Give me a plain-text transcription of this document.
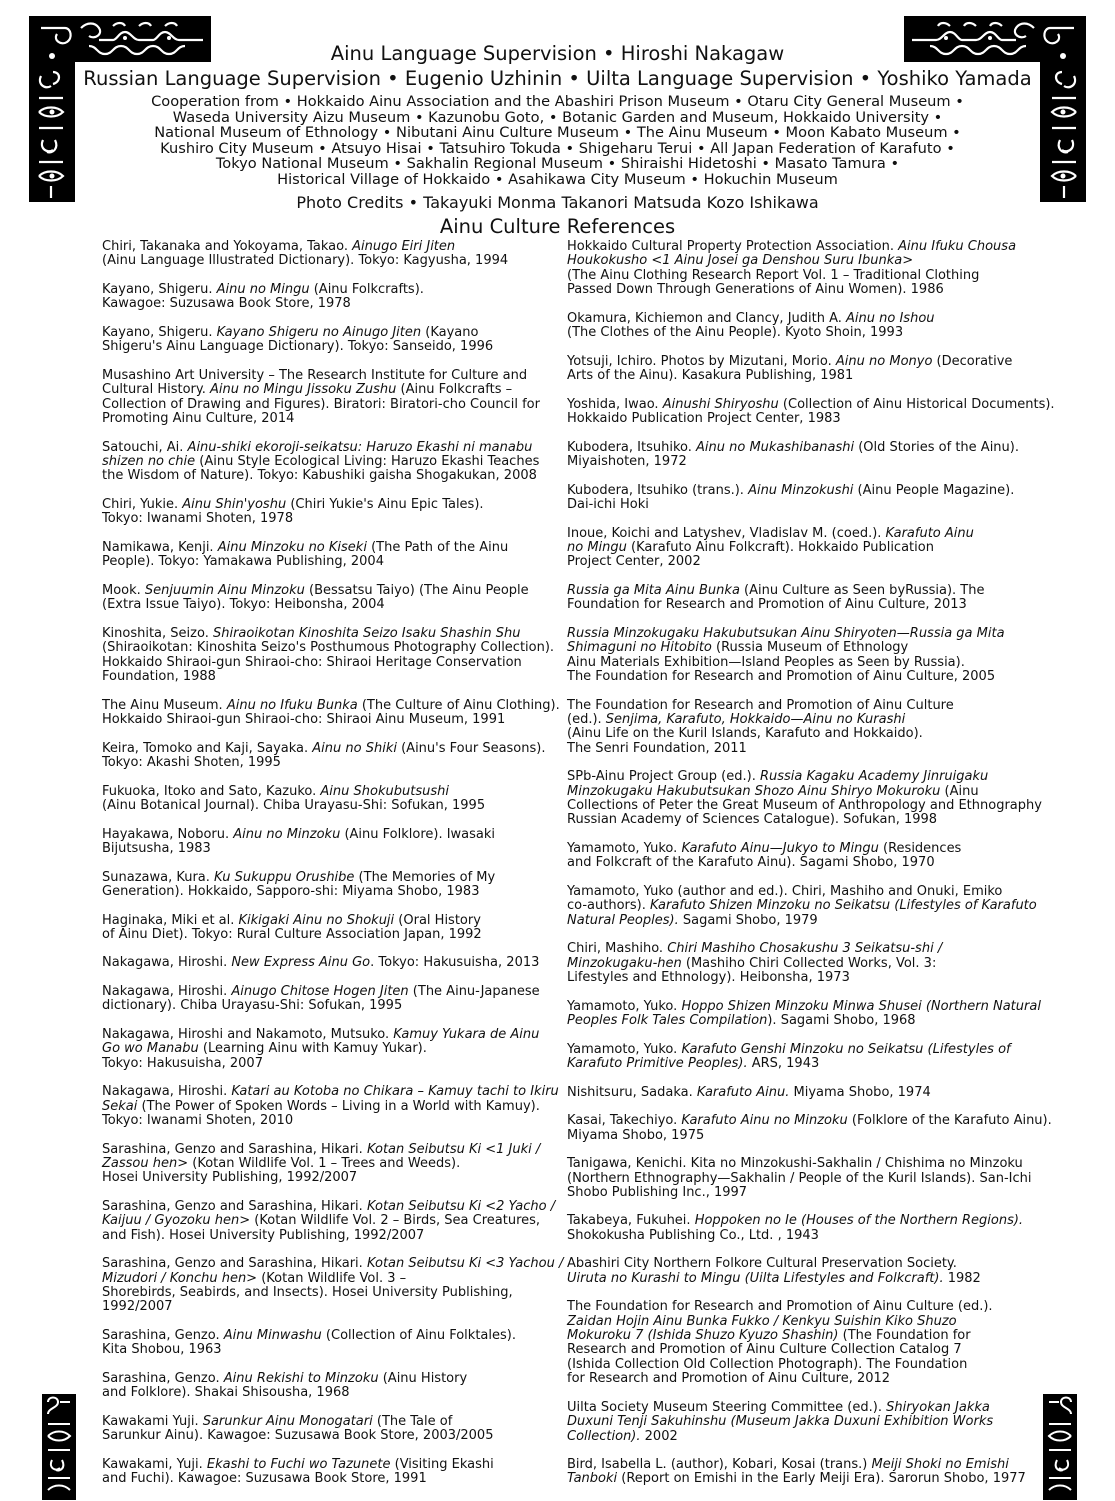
Ainu Language Supervision • Hiroshi Nakagaw
Russian Language Supervision • Eugenio Uzhinin • Uilta Language Supervision • Yoshiko Yamada
Cooperation from • Hokkaido Ainu Association and the Abashiri Prison Museum • Otaru City General Museum •
Waseda University Aizu Museum • Kazunobu Goto, • Botanic Garden and Museum, Hokkaido University •
National Museum of Ethnology • Nibutani Ainu Culture Museum • The Ainu Museum • Moon Kabato Museum •
Kushiro City Museum • Atsuyo Hisai • Tatsuhiro Tokuda • Shigeharu Terui • All Japan Federation of Karafuto •
Tokyo National Museum • Sakhalin Regional Museum • Shiraishi Hidetoshi • Masato Tamura •
Historical Village of Hokkaido • Asahikawa City Museum • Hokuchin Museum
Photo Credits • Takayuki Monma Takanori Matsuda Kozo Ishikawa
Ainu Culture References
Chiri, Takanaka and Yokoyama, Takao. Ainugo Eiri Jiten
(Ainu Language Illustrated Dictionary). Tokyo: Kagyusha, 1994
Kayano, Shigeru. Ainu no Mingu (Ainu Folkcrafts).
Kawagoe: Suzusawa Book Store, 1978
Kayano, Shigeru. Kayano Shigeru no Ainugo Jiten (Kayano
Shigeru's Ainu Language Dictionary). Tokyo: Sanseido, 1996
Musashino Art University – The Research Institute for Culture and
Cultural History. Ainu no Mingu Jissoku Zushu (Ainu Folkcrafts –
Collection of Drawing and Figures). Biratori: Biratori-cho Council for
Promoting Ainu Culture, 2014
Satouchi, Ai. Ainu-shiki ekoroji-seikatsu: Haruzo Ekashi ni manabu
shizen no chie (Ainu Style Ecological Living: Haruzo Ekashi Teaches
the Wisdom of Nature). Tokyo: Kabushiki gaisha Shogakukan, 2008
Chiri, Yukie. Ainu Shin'yoshu (Chiri Yukie's Ainu Epic Tales).
Tokyo: Iwanami Shoten, 1978
Namikawa, Kenji. Ainu Minzoku no Kiseki (The Path of the Ainu
People). Tokyo: Yamakawa Publishing, 2004
Mook. Senjuumin Ainu Minzoku (Bessatsu Taiyo) (The Ainu People
(Extra Issue Taiyo). Tokyo: Heibonsha, 2004
Kinoshita, Seizo. Shiraoikotan Kinoshita Seizo Isaku Shashin Shu
(Shiraoikotan: Kinoshita Seizo's Posthumous Photography Collection).
Hokkaido Shiraoi-gun Shiraoi-cho: Shiraoi Heritage Conservation
Foundation, 1988
The Ainu Museum. Ainu no Ifuku Bunka (The Culture of Ainu Clothing).
Hokkaido Shiraoi-gun Shiraoi-cho: Shiraoi Ainu Museum, 1991
Keira, Tomoko and Kaji, Sayaka. Ainu no Shiki (Ainu's Four Seasons).
Tokyo: Akashi Shoten, 1995
Fukuoka, Itoko and Sato, Kazuko. Ainu Shokubutsushi
(Ainu Botanical Journal). Chiba Urayasu-Shi: Sofukan, 1995
Hayakawa, Noboru. Ainu no Minzoku (Ainu Folklore). Iwasaki
Bijutsusha, 1983
Sunazawa, Kura. Ku Sukuppu Orushibe (The Memories of My
Generation). Hokkaido, Sapporo-shi: Miyama Shobo, 1983
Haginaka, Miki et al. Kikigaki Ainu no Shokuji (Oral History
of Ainu Diet). Tokyo: Rural Culture Association Japan, 1992
Nakagawa, Hiroshi. New Express Ainu Go. Tokyo: Hakusuisha, 2013
Nakagawa, Hiroshi. Ainugo Chitose Hogen Jiten (The Ainu-Japanese
dictionary). Chiba Urayasu-Shi: Sofukan, 1995
Nakagawa, Hiroshi and Nakamoto, Mutsuko. Kamuy Yukara de Ainu
Go wo Manabu (Learning Ainu with Kamuy Yukar).
Tokyo: Hakusuisha, 2007
Nakagawa, Hiroshi. Katari au Kotoba no Chikara – Kamuy tachi to Ikiru
Sekai (The Power of Spoken Words – Living in a World with Kamuy).
Tokyo: Iwanami Shoten, 2010
Sarashina, Genzo and Sarashina, Hikari. Kotan Seibutsu Ki <1 Juki /
Zassou hen> (Kotan Wildlife Vol. 1 – Trees and Weeds).
Hosei University Publishing, 1992/2007
Sarashina, Genzo and Sarashina, Hikari. Kotan Seibutsu Ki <2 Yacho /
Kaijuu / Gyozoku hen> (Kotan Wildlife Vol. 2 – Birds, Sea Creatures,
and Fish). Hosei University Publishing, 1992/2007
Sarashina, Genzo and Sarashina, Hikari. Kotan Seibutsu Ki <3 Yachou /
Mizudori / Konchu hen> (Kotan Wildlife Vol. 3 –
Shorebirds, Seabirds, and Insects). Hosei University Publishing,
1992/2007
Sarashina, Genzo. Ainu Minwashu (Collection of Ainu Folktales).
Kita Shobou, 1963
Sarashina, Genzo. Ainu Rekishi to Minzoku (Ainu History
and Folklore). Shakai Shisousha, 1968
Kawakami Yuji. Sarunkur Ainu Monogatari (The Tale of
Sarunkur Ainu). Kawagoe: Suzusawa Book Store, 2003/2005
Kawakami, Yuji. Ekashi to Fuchi wo Tazunete (Visiting Ekashi
and Fuchi). Kawagoe: Suzusawa Book Store, 1991
Hokkaido Cultural Property Protection Association. Ainu Ifuku Chousa
Houkokusho <1 Ainu Josei ga Denshou Suru Ibunka>
(The Ainu Clothing Research Report Vol. 1 – Traditional Clothing
Passed Down Through Generations of Ainu Women). 1986
Okamura, Kichiemon and Clancy, Judith A. Ainu no Ishou
(The Clothes of the Ainu People). Kyoto Shoin, 1993
Yotsuji, Ichiro. Photos by Mizutani, Morio. Ainu no Monyo (Decorative
Arts of the Ainu). Kasakura Publishing, 1981
Yoshida, Iwao. Ainushi Shiryoshu (Collection of Ainu Historical Documents).
Hokkaido Publication Project Center, 1983
Kubodera, Itsuhiko. Ainu no Mukashibanashi (Old Stories of the Ainu).
Miyaishoten, 1972
Kubodera, Itsuhiko (trans.). Ainu Minzokushi (Ainu People Magazine).
Dai-ichi Hoki
Inoue, Koichi and Latyshev, Vladislav M. (coed.). Karafuto Ainu
no Mingu (Karafuto Ainu Folkcraft). Hokkaido Publication
Project Center, 2002
Russia ga Mita Ainu Bunka (Ainu Culture as Seen byRussia). The
Foundation for Research and Promotion of Ainu Culture, 2013
Russia Minzokugaku Hakubutsukan Ainu Shiryoten—Russia ga Mita
Shimaguni no Hitobito (Russia Museum of Ethnology
Ainu Materials Exhibition—Island Peoples as Seen by Russia).
The Foundation for Research and Promotion of Ainu Culture, 2005
The Foundation for Research and Promotion of Ainu Culture
(ed.). Senjima, Karafuto, Hokkaido—Ainu no Kurashi
(Ainu Life on the Kuril Islands, Karafuto and Hokkaido).
The Senri Foundation, 2011
SPb-Ainu Project Group (ed.). Russia Kagaku Academy Jinruigaku
Minzokugaku Hakubutsukan Shozo Ainu Shiryo Mokuroku (Ainu
Collections of Peter the Great Museum of Anthropology and Ethnography
Russian Academy of Sciences Catalogue). Sofukan, 1998
Yamamoto, Yuko. Karafuto Ainu—Jukyo to Mingu (Residences
and Folkcraft of the Karafuto Ainu). Sagami Shobo, 1970
Yamamoto, Yuko (author and ed.). Chiri, Mashiho and Onuki, Emiko
co-authors). Karafuto Shizen Minzoku no Seikatsu (Lifestyles of Karafuto
Natural Peoples). Sagami Shobo, 1979
Chiri, Mashiho. Chiri Mashiho Chosakushu 3 Seikatsu-shi /
Minzokugaku-hen (Mashiho Chiri Collected Works, Vol. 3:
Lifestyles and Ethnology). Heibonsha, 1973
Yamamoto, Yuko. Hoppo Shizen Minzoku Minwa Shusei (Northern Natural
Peoples Folk Tales Compilation). Sagami Shobo, 1968
Yamamoto, Yuko. Karafuto Genshi Minzoku no Seikatsu (Lifestyles of
Karafuto Primitive Peoples). ARS, 1943
Nishitsuru, Sadaka. Karafuto Ainu. Miyama Shobo, 1974
Kasai, Takechiyo. Karafuto Ainu no Minzoku (Folklore of the Karafuto Ainu).
Miyama Shobo, 1975
Tanigawa, Kenichi. Kita no Minzokushi-Sakhalin / Chishima no Minzoku
(Northern Ethnography—Sakhalin / People of the Kuril Islands). San-Ichi
Shobo Publishing Inc., 1997
Takabeya, Fukuhei. Hoppoken no Ie (Houses of the Northern Regions).
Shokokusha Publishing Co., Ltd. , 1943
Abashiri City Northern Folkore Cultural Preservation Society.
Uiruta no Kurashi to Mingu (Uilta Lifestyles and Folkcraft). 1982
The Foundation for Research and Promotion of Ainu Culture (ed.).
Zaidan Hojin Ainu Bunka Fukko / Kenkyu Suishin Kiko Shuzo
Mokuroku 7 (Ishida Shuzo Kyuzo Shashin) (The Foundation for
Research and Promotion of Ainu Culture Collection Catalog 7
(Ishida Collection Old Collection Photograph). The Foundation
for Research and Promotion of Ainu Culture, 2012
Uilta Society Museum Steering Committee (ed.). Shiryokan Jakka
Duxuni Tenji Sakuhinshu (Museum Jakka Duxuni Exhibition Works
Collection). 2002
Bird, Isabella L. (author), Kobari, Kosai (trans.) Meiji Shoki no Emishi
Tanboki (Report on Emishi in the Early Meiji Era). Sarorun Shobo, 1977
